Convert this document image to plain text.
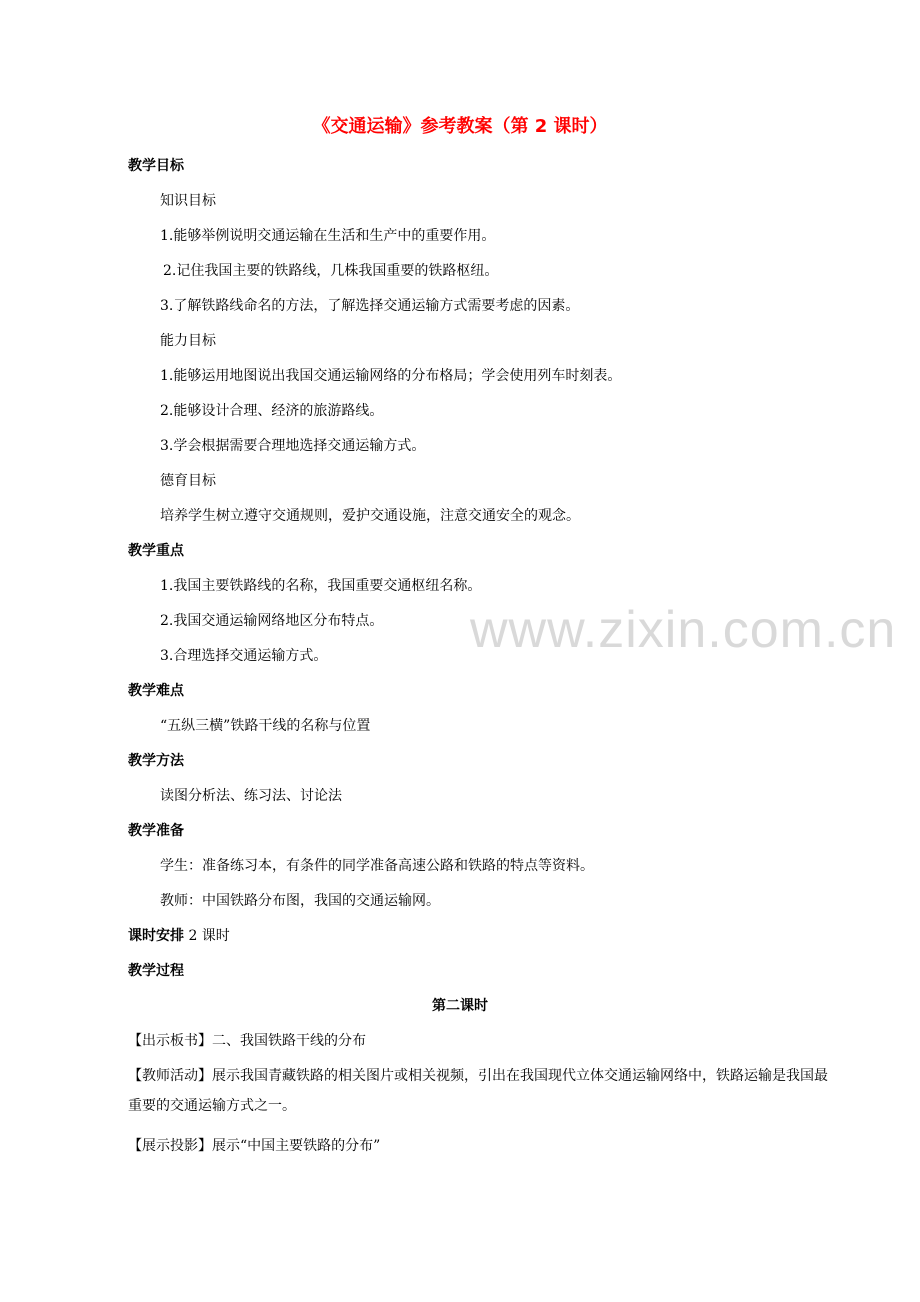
www.zixin.com.cn
《交通运输》参考教案（第 2 课时）
教学目标
知识目标
1.能够举例说明交通运输在生活和生产中的重要作用。
2.记住我国主要的铁路线，几株我国重要的铁路枢纽。
3.了解铁路线命名的方法，了解选择交通运输方式需要考虑的因素。
能力目标
1.能够运用地图说出我国交通运输网络的分布格局；学会使用列车时刻表。
2.能够设计合理、经济的旅游路线。
3.学会根据需要合理地选择交通运输方式。
德育目标
培养学生树立遵守交通规则，爱护交通设施，注意交通安全的观念。
教学重点
1.我国主要铁路线的名称，我国重要交通枢纽名称。
2.我国交通运输网络地区分布特点。
3.合理选择交通运输方式。
教学难点
“五纵三横”铁路干线的名称与位置
教学方法
读图分析法、练习法、讨论法
教学准备
学生：准备练习本，有条件的同学准备高速公路和铁路的特点等资料。
教师：中国铁路分布图，我国的交通运输网。
课时安排 2 课时
教学过程
第二课时
【出示板书】二、我国铁路干线的分布
【教师活动】展示我国青藏铁路的相关图片或相关视频，引出在我国现代立体交通运输网络中，铁路运输是我国最重要的交通运输方式之一。
【展示投影】展示“中国主要铁路的分布”
